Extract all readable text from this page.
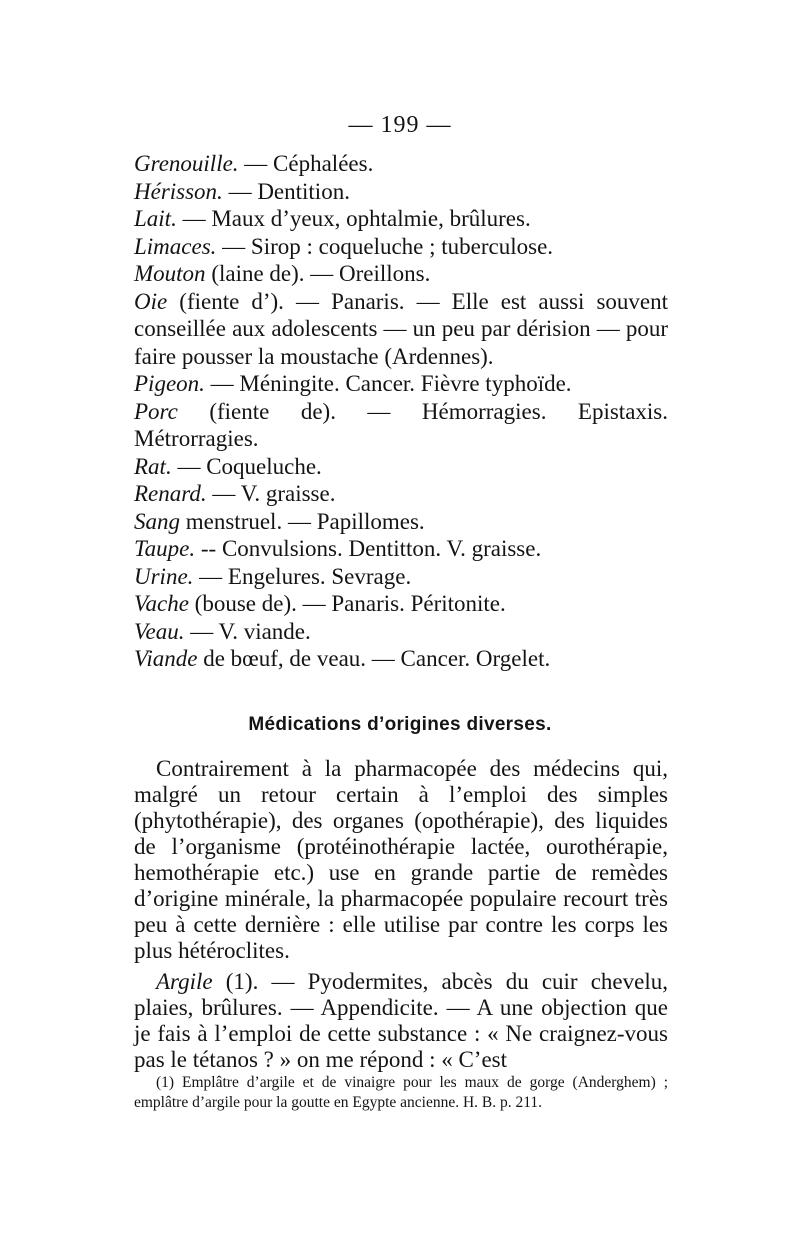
— 199 —

Grenouille. — Céphalées.

Hérisson. — Dentition.

Lait. — Maux d’yeux, ophtalmie, brûlures.

Limaces. — Sirop : coqueluche ; tuberculose.

Mouton (laine de). — Oreillons.

Oie (fiente d’). — Panaris. — Elle est aussi souvent conseillée aux adolescents — un peu par dérision — pour faire pousser la moustache (Ardennes).

Pigeon. — Méningite. Cancer. Fièvre typhoïde.

Porc (fiente de). — Hémorragies. Epistaxis. Métrorragies.

Rat. — Coqueluche.

Renard. — V. graisse.

Sang menstruel. — Papillomes.

Taupe. -- Convulsions. Dentitton. V. graisse.

Urine. — Engelures. Sevrage.

Vache (bouse de). — Panaris. Péritonite.

Veau. — V. viande.

Viande de bœuf, de veau. — Cancer. Orgelet.

Médications d’origines diverses.

Contrairement à la pharmacopée des médecins qui, malgré un retour certain à l’emploi des simples (phytothérapie), des organes (opothérapie), des liquides de l’organisme (protéinothérapie lactée, ourothérapie, hemothérapie etc.) use en grande partie de remèdes d’origine minérale, la pharmacopée populaire recourt très peu à cette dernière : elle utilise par contre les corps les plus hétéroclites.

Argile (1). — Pyodermites, abcès du cuir chevelu, plaies, brûlures. — Appendicite. — A une objection que je fais à l’emploi de cette substance : « Ne craignez-vous pas le tétanos ? » on me répond : « C’est

(1) Emplâtre d’argile et de vinaigre pour les maux de gorge (Anderghem) ; emplâtre d’argile pour la goutte en Egypte ancienne. H. B. p. 211.
